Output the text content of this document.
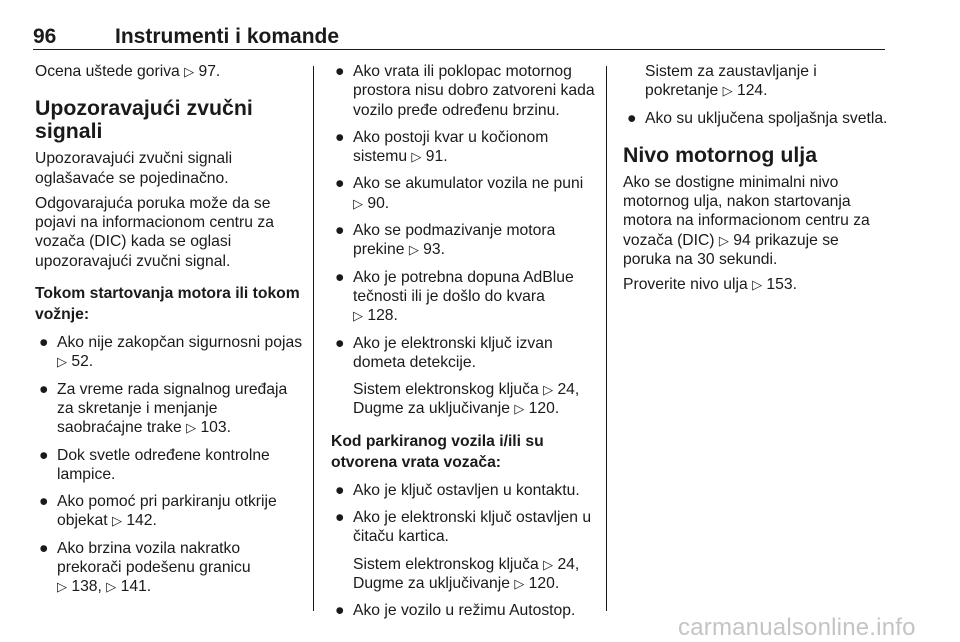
96	Instrumenti i komande

Ocena uštede goriva ▷ 97.

Upozoravajući zvučni signali

Upozoravajući zvučni signali oglašavaće se pojedinačno.

Odgovarajuća poruka može da se pojavi na informacionom centru za vozača (DIC) kada se oglasi upozoravajući zvučni signal.

Tokom startovanja motora ili tokom vožnje:
● Ako nije zakopčan sigurnosni pojas ▷ 52.
● Za vreme rada signalnog uređaja za skretanje i menjanje saobraćajne trake ▷ 103.
● Dok svetle određene kontrolne lampice.
● Ako pomoć pri parkiranju otkrije objekat ▷ 142.
● Ako brzina vozila nakratko prekorači podešenu granicu
▷ 138, ▷ 141.
● Ako vrata ili poklopac motornog prostora nisu dobro zatvoreni kada vozilo pređe određenu brzinu.
● Ako postoji kvar u kočionom sistemu ▷ 91.
● Ako se akumulator vozila ne puni
▷ 90.
● Ako se podmazivanje motora prekine ▷ 93.
● Ako je potrebna dopuna AdBlue tečnosti ili je došlo do kvara
▷ 128.
● Ako je elektronski ključ izvan dometa detekcije.

Sistem elektronskog ključa ▷ 24,
Dugme za uključivanje ▷ 120.

Kod parkiranog vozila i/ili su otvorena vrata vozača:
● Ako je ključ ostavljen u kontaktu.
● Ako je elektronski ključ ostavljen u čitaču kartica.

Sistem elektronskog ključa ▷ 24,
Dugme za uključivanje ▷ 120.

● Ako je vozilo u režimu Autostop.

Sistem za zaustavljanje i pokretanje ▷ 124.

● Ako su uključena spoljašnja svetla.
Nivo motornog ulja

Ako se dostigne minimalni nivo motornog ulja, nakon startovanja motora na informacionom centru za vozača (DIC) ▷ 94 prikazuje se poruka na 30 sekundi.

Proverite nivo ulja ▷ 153.

carmanualsonline.info
